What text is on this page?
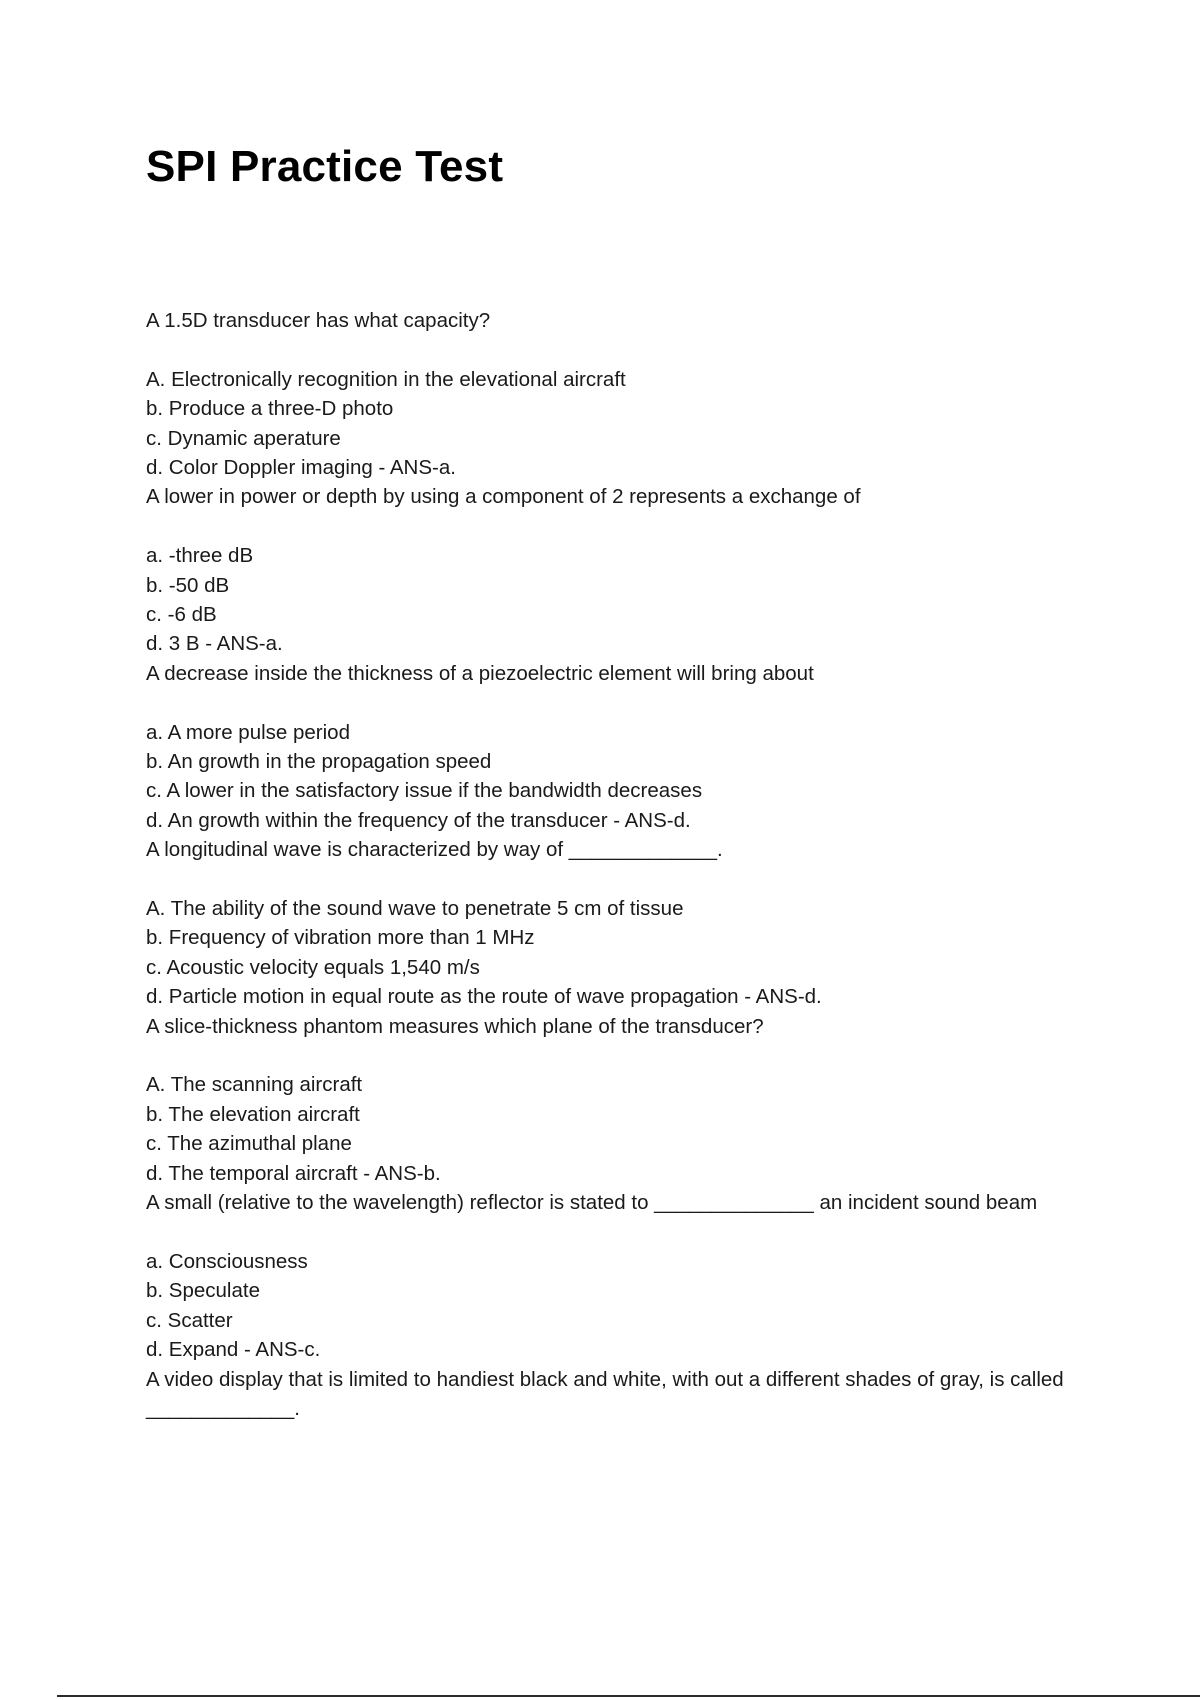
SPI Practice Test

A 1.5D transducer has what capacity?

A. Electronically recognition in the elevational aircraft
b. Produce a three-D photo
c. Dynamic aperature
d. Color Doppler imaging - ANS-a.

A lower in power or depth by using a component of 2 represents a exchange of

a. -three dB
b. -50 dB
c. -6 dB
d. 3 B - ANS-a.

A decrease inside the thickness of a piezoelectric element will bring about

a. A more pulse period
b. An growth in the propagation speed
c. A lower in the satisfactory issue if the bandwidth decreases
d. An growth within the frequency of the transducer - ANS-d.

A longitudinal wave is characterized by way of _____________.

A. The ability of the sound wave to penetrate 5 cm of tissue
b. Frequency of vibration more than 1 MHz
c. Acoustic velocity equals 1,540 m/s
d. Particle motion in equal route as the route of wave propagation - ANS-d.

A slice-thickness phantom measures which plane of the transducer?

A. The scanning aircraft
b. The elevation aircraft
c. The azimuthal plane
d. The temporal aircraft - ANS-b.

A small (relative to the wavelength) reflector is stated to ______________ an incident sound beam

a. Consciousness
b. Speculate
c. Scatter
d. Expand - ANS-c.

A video display that is limited to handiest black and white, with out a different shades of gray, is called _____________.
